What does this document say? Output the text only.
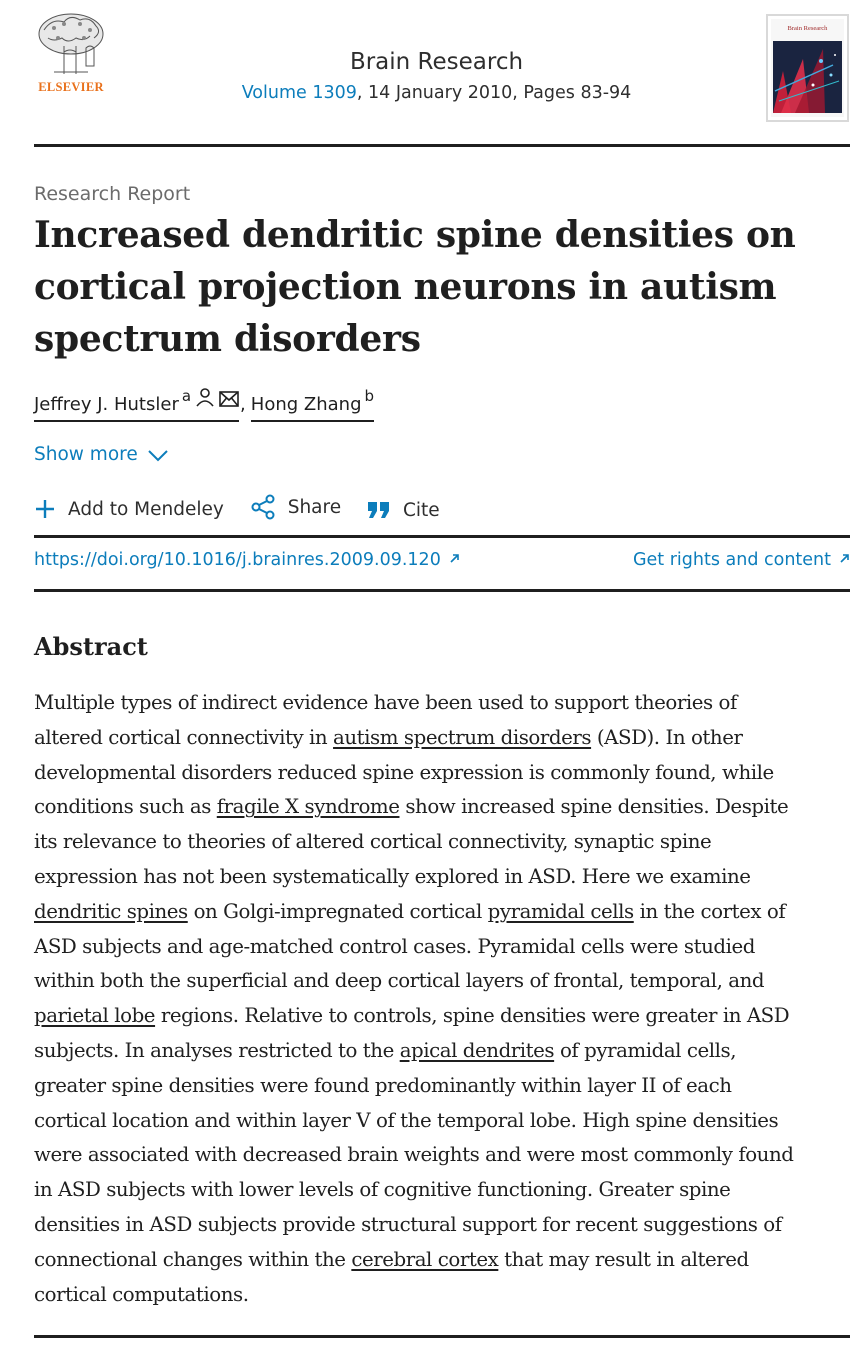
ELSEVIER
Brain Research
Volume 1309, 14 January 2010, Pages 83-94
Brain Research
Research Report
Increased dendritic spine densities on
cortical projection neurons in autism
spectrum disorders
Jeffrey J. Hutsler $^a$	, Hong Zhang $^b$
Show more
Add to Mendeley
	Share
	Cite
https://doi.org/10.1016/j.brainres.2009.09.120	Get rights and content
Abstract
Multiple types of indirect evidence have been used to support theories of
altered cortical connectivity in autism spectrum disorders (ASD). In other
developmental disorders reduced spine expression is commonly found, while
conditions such as fragile X syndrome show increased spine densities. Despite
its relevance to theories of altered cortical connectivity, synaptic spine
expression has not been systematically explored in ASD. Here we examine
dendritic spines on Golgi-impregnated cortical pyramidal cells in the cortex of
ASD subjects and age-matched control cases. Pyramidal cells were studied
within both the superficial and deep cortical layers of frontal, temporal, and
parietal lobe regions. Relative to controls, spine densities were greater in ASD
subjects. In analyses restricted to the apical dendrites of pyramidal cells,
greater spine densities were found predominantly within layer II of each
cortical location and within layer V of the temporal lobe. High spine densities
were associated with decreased brain weights and were most commonly found
in ASD subjects with lower levels of cognitive functioning. Greater spine
densities in ASD subjects provide structural support for recent suggestions of
connectional changes within the cerebral cortex that may result in altered
cortical computations.
